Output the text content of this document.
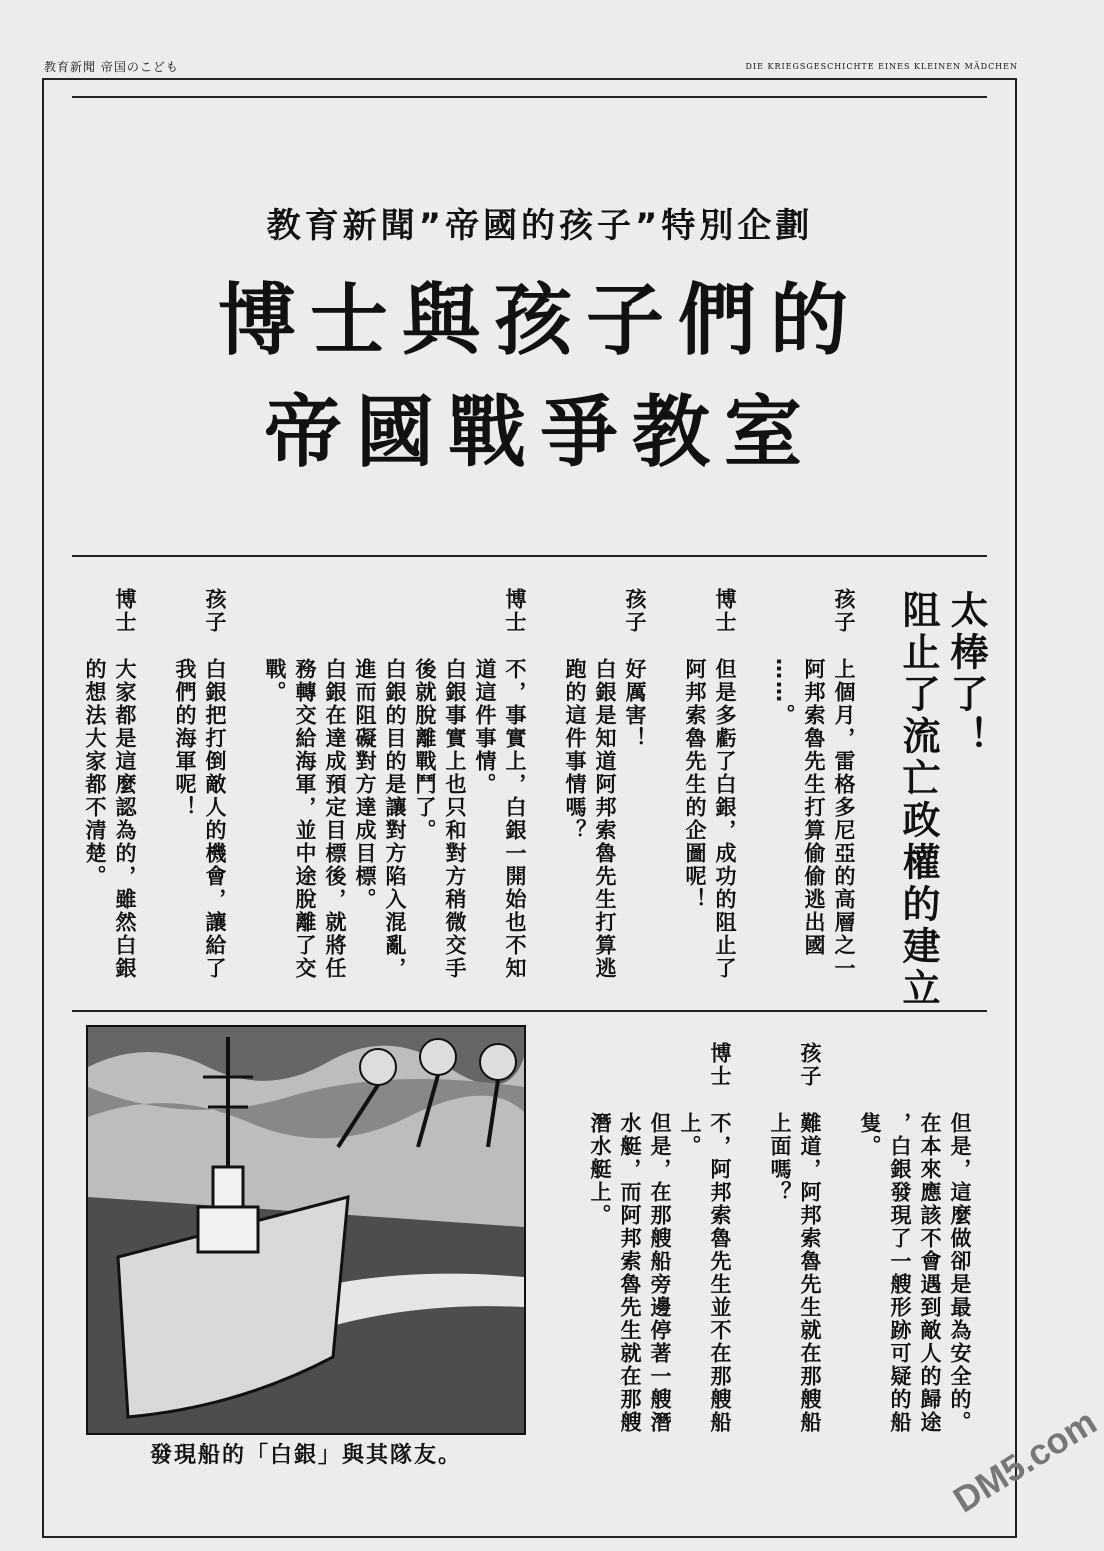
教育新聞 帝国のこども	DIE KRIEGSGESCHICHTE EINES KLEINEN MÄDCHEN
教育新聞”帝國的孩子”特別企劃
博士與孩子們的
帝國戰爭教室
太棒了！
阻止了流亡政權的建立
孩子
上個月，雷格多尼亞的高層之一
阿邦索魯先生打算偷偷逃出國
……。
博士
但是多虧了白銀，成功的阻止了
阿邦索魯先生的企圖呢！
孩子
好厲害！
白銀是知道阿邦索魯先生打算逃
跑的這件事情嗎？
博士
不，事實上，白銀一開始也不知
道這件事情。
白銀事實上也只和對方稍微交手
後就脫離戰鬥了。
白銀的目的是讓對方陷入混亂，
進而阻礙對方達成目標。
白銀在達成預定目標後，就將任
務轉交給海軍，並中途脫離了交
戰。
孩子
白銀把打倒敵人的機會，讓給了
我們的海軍呢！
博士
大家都是這麼認為的，雖然白銀
的想法大家都不清楚。
但是，這麼做卻是最為安全的。
在本來應該不會遇到敵人的歸途
，白銀發現了一艘形跡可疑的船
隻。
孩子
難道，阿邦索魯先生就在那艘船
上面嗎？
博士
不，阿邦索魯先生並不在那艘船
上。
但是，在那艘船旁邊停著一艘潛
水艇，而阿邦索魯先生就在那艘
潛水艇上。
發現船的「白銀」與其隊友。	DM5.com
